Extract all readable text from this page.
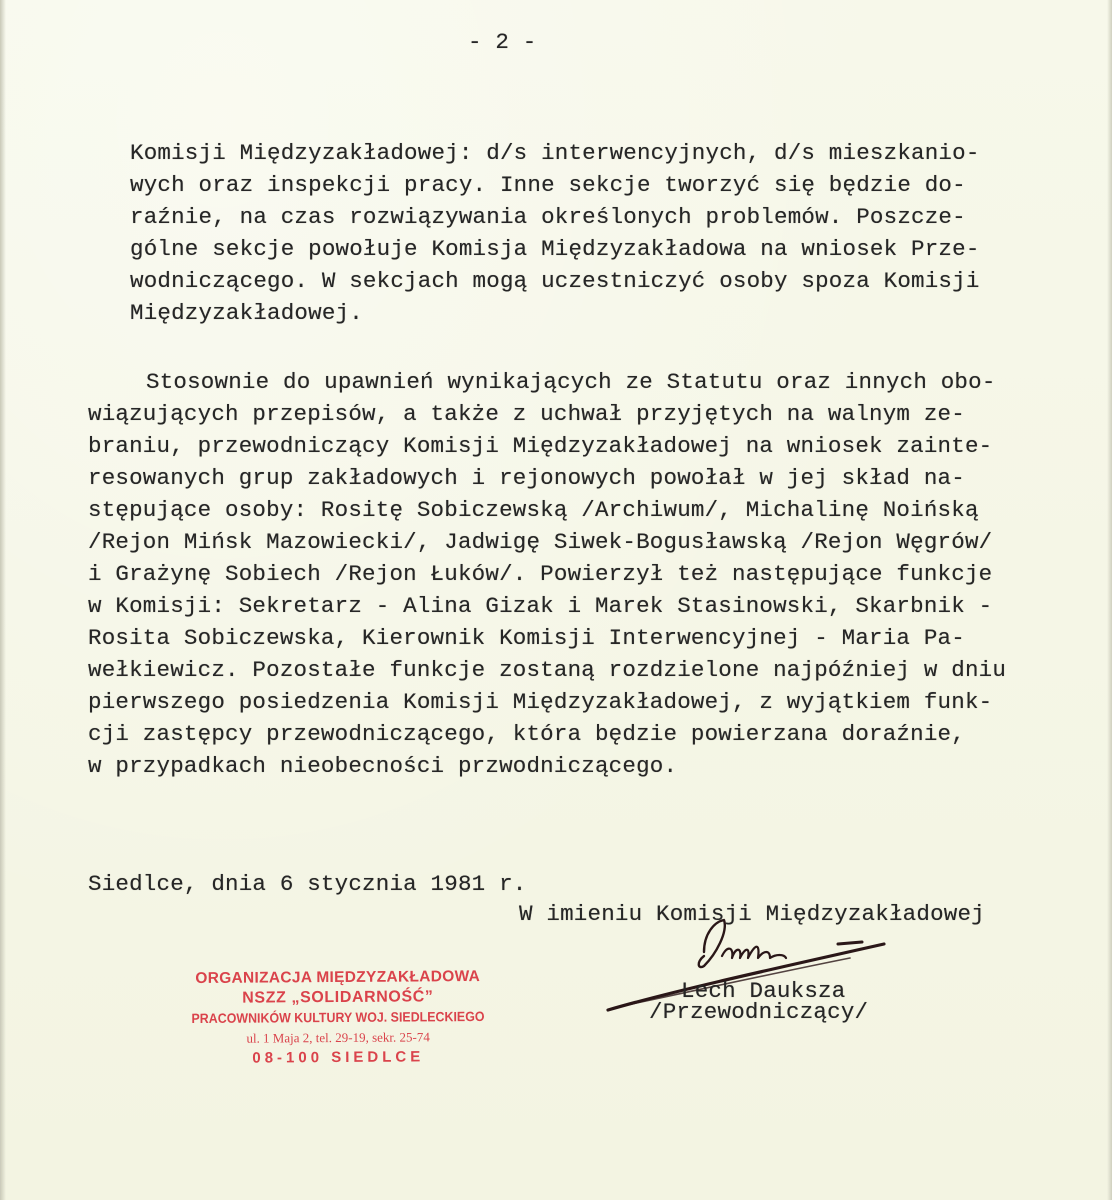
- 2 -
Komisji Międzyzakładowej: d/s interwencyjnych, d/s mieszkanio-
wych oraz inspekcji pracy. Inne sekcje tworzyć się będzie do-
raźnie, na czas rozwiązywania określonych problemów. Poszcze-
gólne sekcje powołuje Komisja Międzyzakładowa na wniosek Prze-
wodniczącego. W sekcjach mogą uczestniczyć osoby spoza Komisji
Międzyzakładowej.
Stosownie do upawnień wynikających ze Statutu oraz innych obo-
wiązujących przepisów, a także z uchwał przyjętych na walnym ze-
braniu, przewodniczący Komisji Międzyzakładowej na wniosek zainte-
resowanych grup zakładowych i rejonowych powołał w jej skład na-
stępujące osoby: Rositę Sobiczewską /Archiwum/, Michalinę Noińską
/Rejon Mińsk Mazowiecki/, Jadwigę Siwek-Bogusławską /Rejon Węgrów/
i Grażynę Sobiech /Rejon Łuków/. Powierzył też następujące funkcje
w Komisji: Sekretarz - Alina Gizak i Marek Stasinowski, Skarbnik -
Rosita Sobiczewska, Kierownik Komisji Interwencyjnej - Maria Pa-
wełkiewicz. Pozostałe funkcje zostaną rozdzielone najpóźniej w dniu
pierwszego posiedzenia Komisji Międzyzakładowej, z wyjątkiem funk-
cji zastępcy przewodniczącego, która będzie powierzana doraźnie,
w przypadkach nieobecności przwodniczącego.
Siedlce, dnia 6 stycznia 1981 r.
W imieniu Komisji Międzyzakładowej
Lech Dauksza
/Przewodniczący/
ORGANIZACJA MIĘDZYZAKŁADOWA
NSZZ „SOLIDARNOŚĆ”
PRACOWNIKÓW KULTURY WOJ. SIEDLECKIEGO
ul. 1 Maja 2, tel. 29-19, sekr. 25-74
08-100 SIEDLCE
